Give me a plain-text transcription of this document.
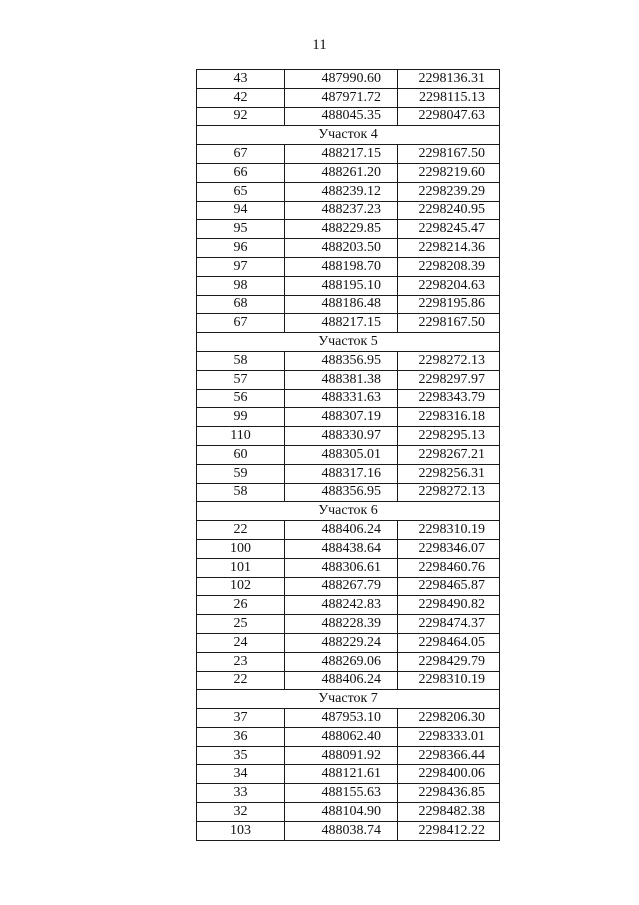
11
43	487990.60	2298136.31
42	487971.72	2298115.13
92	488045.35	2298047.63
Участок 4		
67	488217.15	2298167.50
66	488261.20	2298219.60
65	488239.12	2298239.29
94	488237.23	2298240.95
95	488229.85	2298245.47
96	488203.50	2298214.36
97	488198.70	2298208.39
98	488195.10	2298204.63
68	488186.48	2298195.86
67	488217.15	2298167.50
Участок 5		
58	488356.95	2298272.13
57	488381.38	2298297.97
56	488331.63	2298343.79
99	488307.19	2298316.18
110	488330.97	2298295.13
60	488305.01	2298267.21
59	488317.16	2298256.31
58	488356.95	2298272.13
Участок 6		
22	488406.24	2298310.19
100	488438.64	2298346.07
101	488306.61	2298460.76
102	488267.79	2298465.87
26	488242.83	2298490.82
25	488228.39	2298474.37
24	488229.24	2298464.05
23	488269.06	2298429.79
22	488406.24	2298310.19
Участок 7		
37	487953.10	2298206.30
36	488062.40	2298333.01
35	488091.92	2298366.44
34	488121.61	2298400.06
33	488155.63	2298436.85
32	488104.90	2298482.38
103	488038.74	2298412.22
